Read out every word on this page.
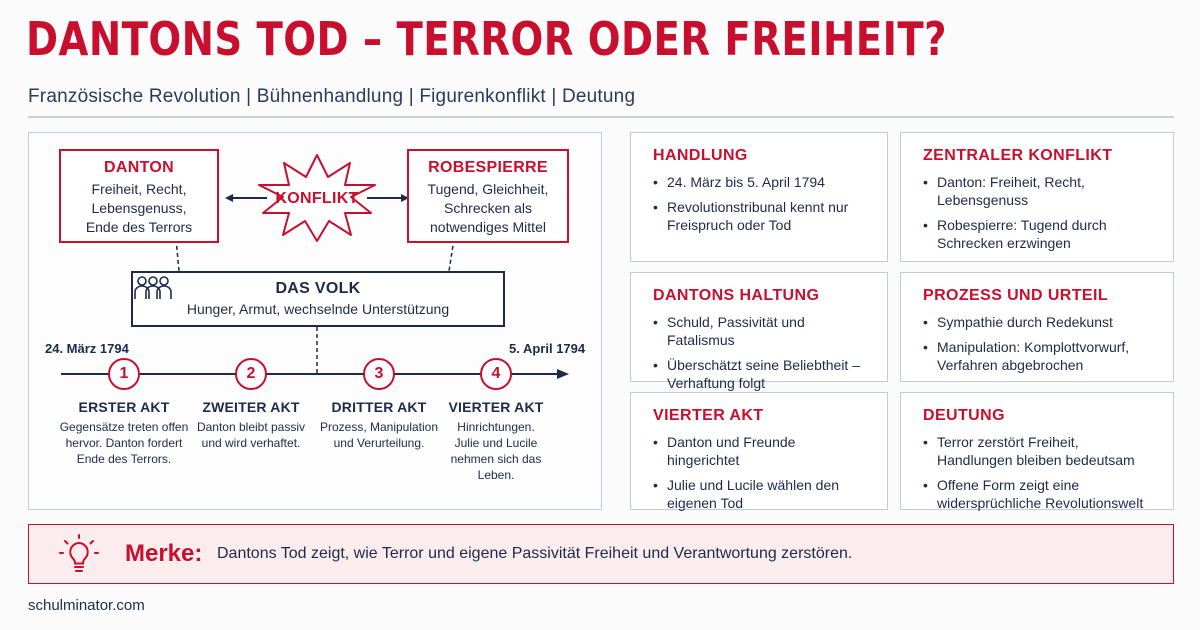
DANTONS TOD – TERROR ODER FREIHEIT?
Französische Revolution | Bühnenhandlung | Figurenkonflikt | Deutung
DANTON
Freiheit, Recht,
Lebensgenuss,
Ende des Terrors
KONFLIKT
ROBESPIERRE
Tugend, Gleichheit,
Schrecken als
notwendiges Mittel
DAS VOLK
Hunger, Armut, wechselnde Unterstützung
24. März 1794	5. April 1794
1
ERSTER AKT
Gegensätze treten offen
hervor. Danton fordert
Ende des Terrors.
2
ZWEITER AKT
Danton bleibt passiv
und wird verhaftet.
3
DRITTER AKT
Prozess, Manipulation
und Verurteilung.
4
VIERTER AKT
Hinrichtungen.
Julie und Lucile
nehmen sich das
Leben.
HANDLUNG
• 24. März bis 5. April 1794
• Revolutionstribunal kennt nur Freispruch oder Tod
ZENTRALER KONFLIKT
• Danton: Freiheit, Recht, Lebensgenuss
• Robespierre: Tugend durch Schrecken erzwingen
DANTONS HALTUNG
• Schuld, Passivität und Fatalismus
• Überschätzt seine Beliebtheit – Verhaftung folgt
PROZESS UND URTEIL
• Sympathie durch Redekunst
• Manipulation: Komplottvorwurf, Verfahren abgebrochen
VIERTER AKT
• Danton und Freunde hingerichtet
• Julie und Lucile wählen den eigenen Tod
DEUTUNG
• Terror zerstört Freiheit, Handlungen bleiben bedeutsam
• Offene Form zeigt eine widersprüchliche Revolutionswelt
Merke: Dantons Tod zeigt, wie Terror und eigene Passivität Freiheit und Verantwortung zerstören.
schulminator.com
